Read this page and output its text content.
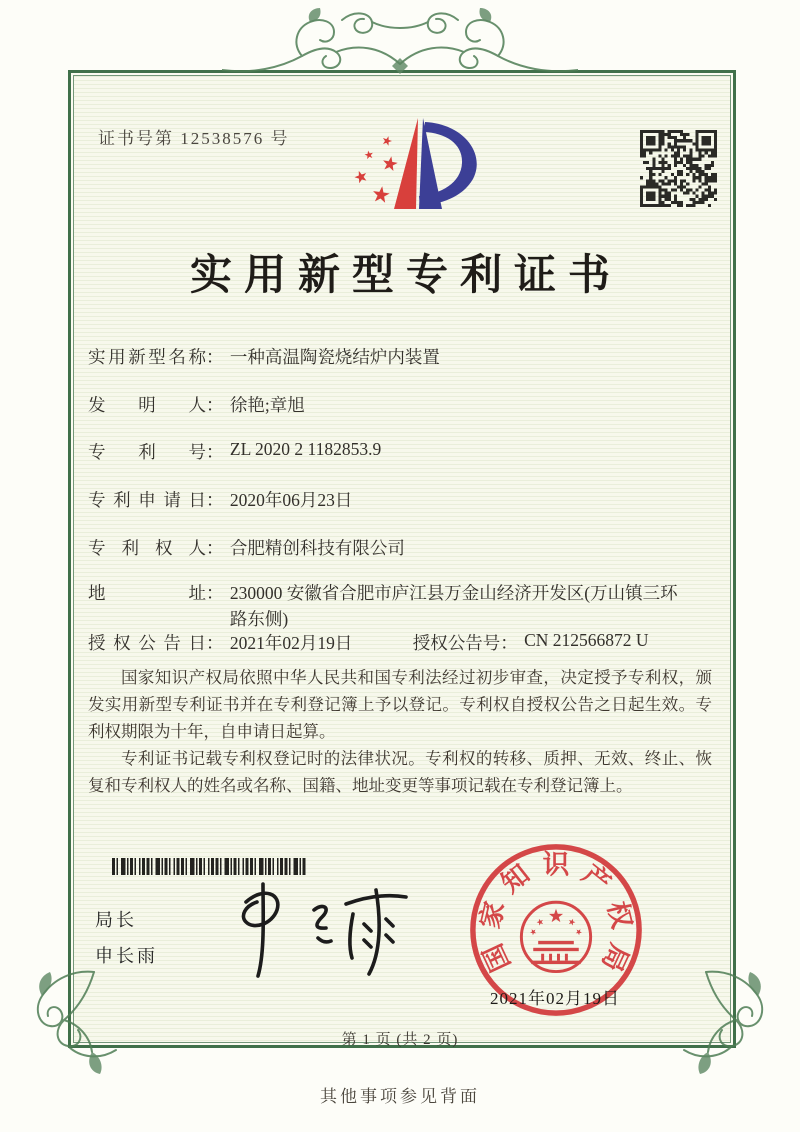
证书号第 12538576 号
实用新型专利证书
实用新型名称： 一种高温陶瓷烧结炉内装置
发明人： 徐艳;章旭
专利号： ZL 2020 2 1182853.9
专利申请日： 2020年06月23日
专利权人： 合肥精创科技有限公司
地址： 230000 安徽省合肥市庐江县万金山经济开发区(万山镇三环路东侧)
授权公告日： 2021年02月19日	授权公告号： CN 212566872 U

国家知识产权局依照中华人民共和国专利法经过初步审查，决定授予专利权，颁发实用新型专利证书并在专利登记簿上予以登记。专利权自授权公告之日起生效。专利权期限为十年，自申请日起算。

专利证书记载专利权登记时的法律状况。专利权的转移、质押、无效、终止、恢复和专利权人的姓名或名称、国籍、地址变更等事项记载在专利登记簿上。

局长
申长雨	国
家
知 识 产
权
局
2021年02月19日
第 1 页 (共 2 页)
其他事项参见背面
